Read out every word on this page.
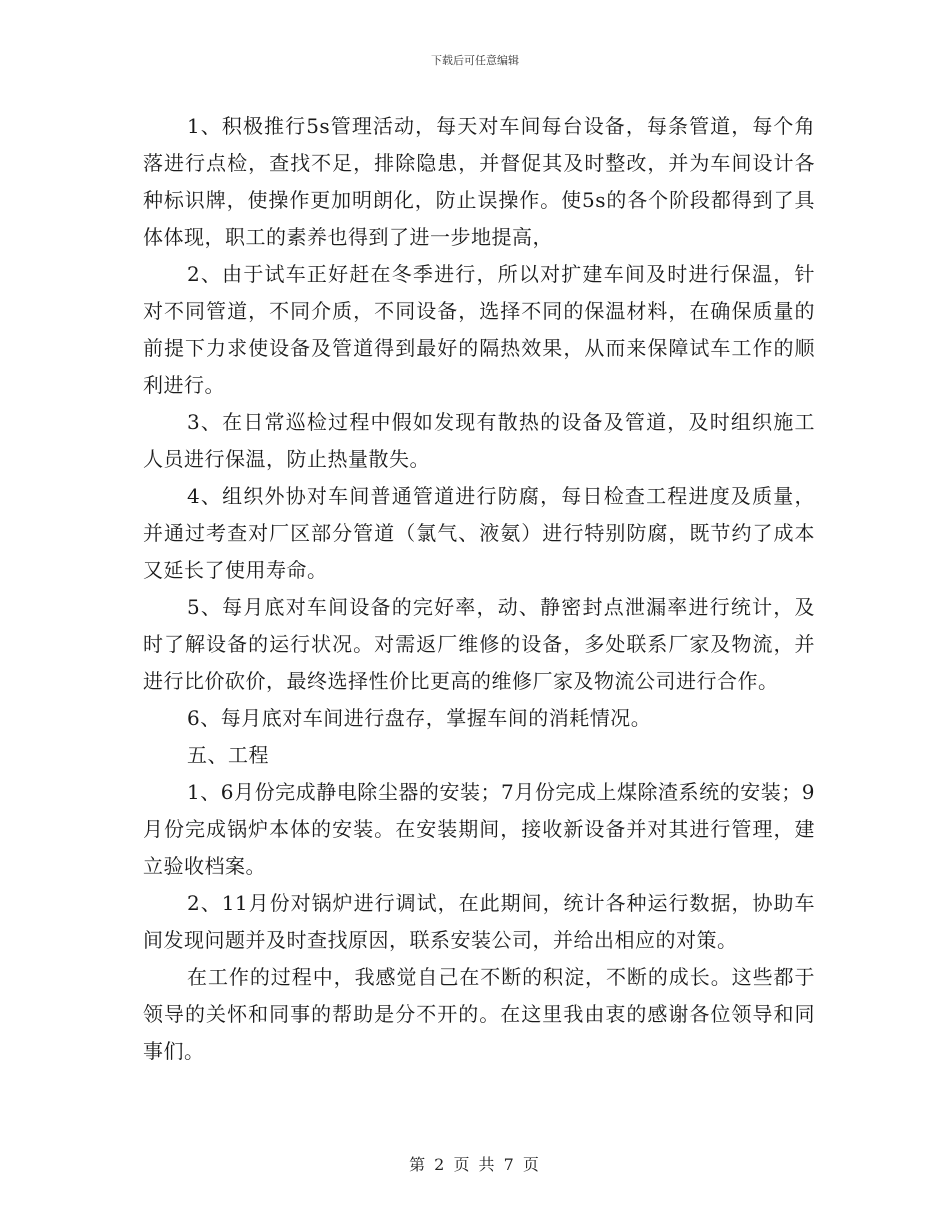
下载后可任意编辑

1、积极推行5s管理活动，每天对车间每台设备，每条管道，每个角落进行点检，查找不足，排除隐患，并督促其及时整改，并为车间设计各种标识牌，使操作更加明朗化，防止误操作。使5s的各个阶段都得到了具体体现，职工的素养也得到了进一步地提高，

2、由于试车正好赶在冬季进行，所以对扩建车间及时进行保温，针对不同管道，不同介质，不同设备，选择不同的保温材料，在确保质量的前提下力求使设备及管道得到最好的隔热效果，从而来保障试车工作的顺利进行。

3、在日常巡检过程中假如发现有散热的设备及管道，及时组织施工人员进行保温，防止热量散失。

4、组织外协对车间普通管道进行防腐，每日检查工程进度及质量，并通过考查对厂区部分管道（氯气、液氨）进行特别防腐，既节约了成本又延长了使用寿命。

5、每月底对车间设备的完好率，动、静密封点泄漏率进行统计，及时了解设备的运行状况。对需返厂维修的设备，多处联系厂家及物流，并进行比价砍价，最终选择性价比更高的维修厂家及物流公司进行合作。

6、每月底对车间进行盘存，掌握车间的消耗情况。

五、工程

1、6月份完成静电除尘器的安装；7月份完成上煤除渣系统的安装；9月份完成锅炉本体的安装。在安装期间，接收新设备并对其进行管理，建立验收档案。

2、11月份对锅炉进行调试，在此期间，统计各种运行数据，协助车间发现问题并及时查找原因，联系安装公司，并给出相应的对策。

在工作的过程中，我感觉自己在不断的积淀，不断的成长。这些都于领导的关怀和同事的帮助是分不开的。在这里我由衷的感谢各位领导和同事们。

第 2 页 共 7 页
